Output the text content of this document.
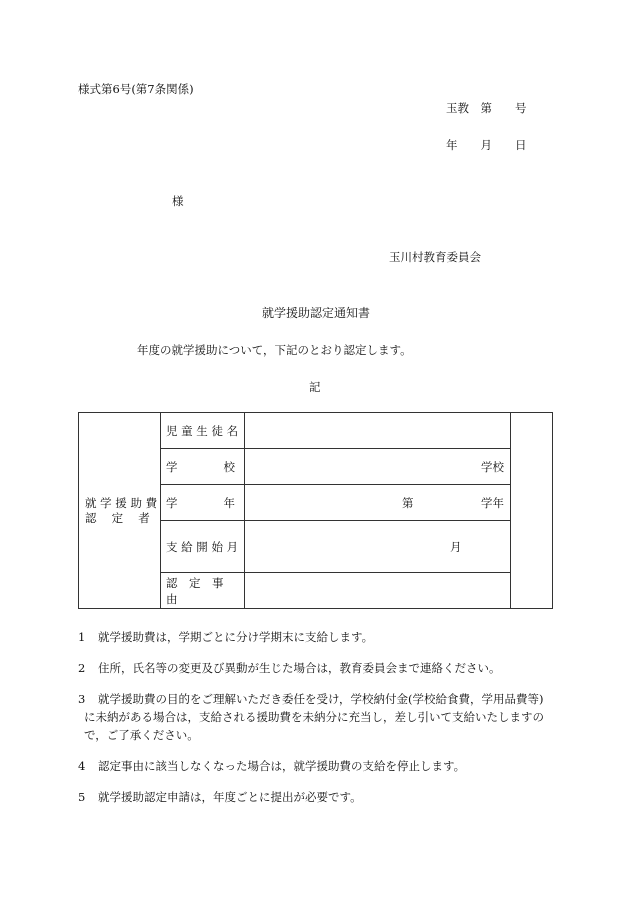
様式第6号(第7条関係)
玉教　第　　号
年　　月　　日
様
玉川村教育委員会
就学援助認定通知書
年度の就学援助について，下記のとおり認定します。
記
就 学 援 助 費
認　 定　 者	児 童 生 徒 名	

	学　　　　校	学校	

	学　　　　年	第 学年	

	支 給 開 始 月	月	

	認　定　事　由		
1	就学援助費は，学期ごとに分け学期末に支給します。
2	住所，氏名等の変更及び異動が生じた場合は，教育委員会まで連絡ください。
3	就学援助費の目的をご理解いただき委任を受け，学校納付金(学校給食費，学用品費等)
に未納がある場合は，支給される援助費を未納分に充当し，差し引いて支給いたしますの
で，ご了承ください。
4	認定事由に該当しなくなった場合は，就学援助費の支給を停止します。
5	就学援助認定申請は，年度ごとに提出が必要です。
